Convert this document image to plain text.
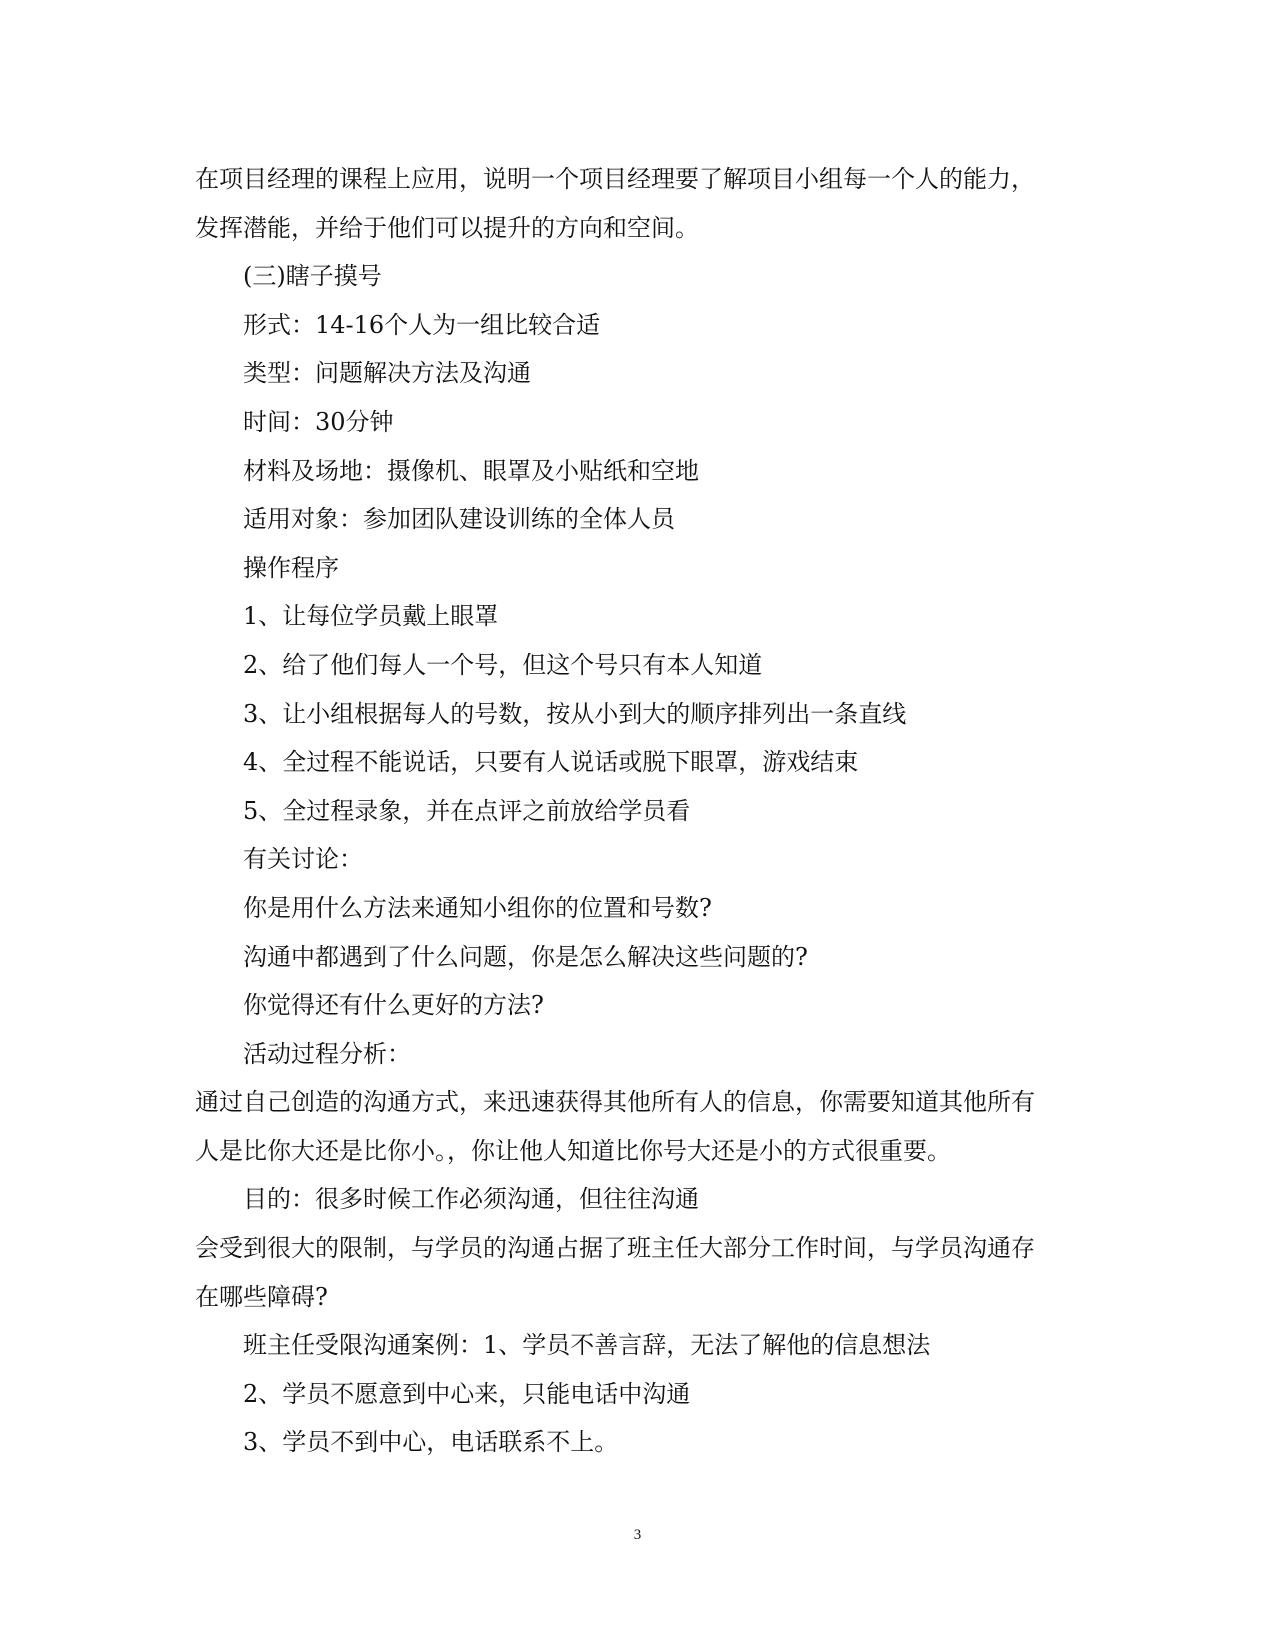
在项目经理的课程上应用，说明一个项目经理要了解项目小组每一个人的能力，

发挥潜能，并给于他们可以提升的方向和空间。

(三)瞎子摸号

形式：14-16个人为一组比较合适

类型：问题解决方法及沟通

时间：30分钟

材料及场地：摄像机、眼罩及小贴纸和空地

适用对象：参加团队建设训练的全体人员

操作程序

1、让每位学员戴上眼罩

2、给了他们每人一个号，但这个号只有本人知道

3、让小组根据每人的号数，按从小到大的顺序排列出一条直线

4、全过程不能说话，只要有人说话或脱下眼罩，游戏结束

5、全过程录象，并在点评之前放给学员看

有关讨论：

你是用什么方法来通知小组你的位置和号数?

沟通中都遇到了什么问题，你是怎么解决这些问题的?

你觉得还有什么更好的方法?

活动过程分析：

通过自己创造的沟通方式，来迅速获得其他所有人的信息，你需要知道其他所有

人是比你大还是比你小。，你让他人知道比你号大还是小的方式很重要。

目的：很多时候工作必须沟通，但往往沟通

会受到很大的限制，与学员的沟通占据了班主任大部分工作时间，与学员沟通存

在哪些障碍?

班主任受限沟通案例：1、学员不善言辞，无法了解他的信息想法

2、学员不愿意到中心来，只能电话中沟通

3、学员不到中心，电话联系不上。

3
